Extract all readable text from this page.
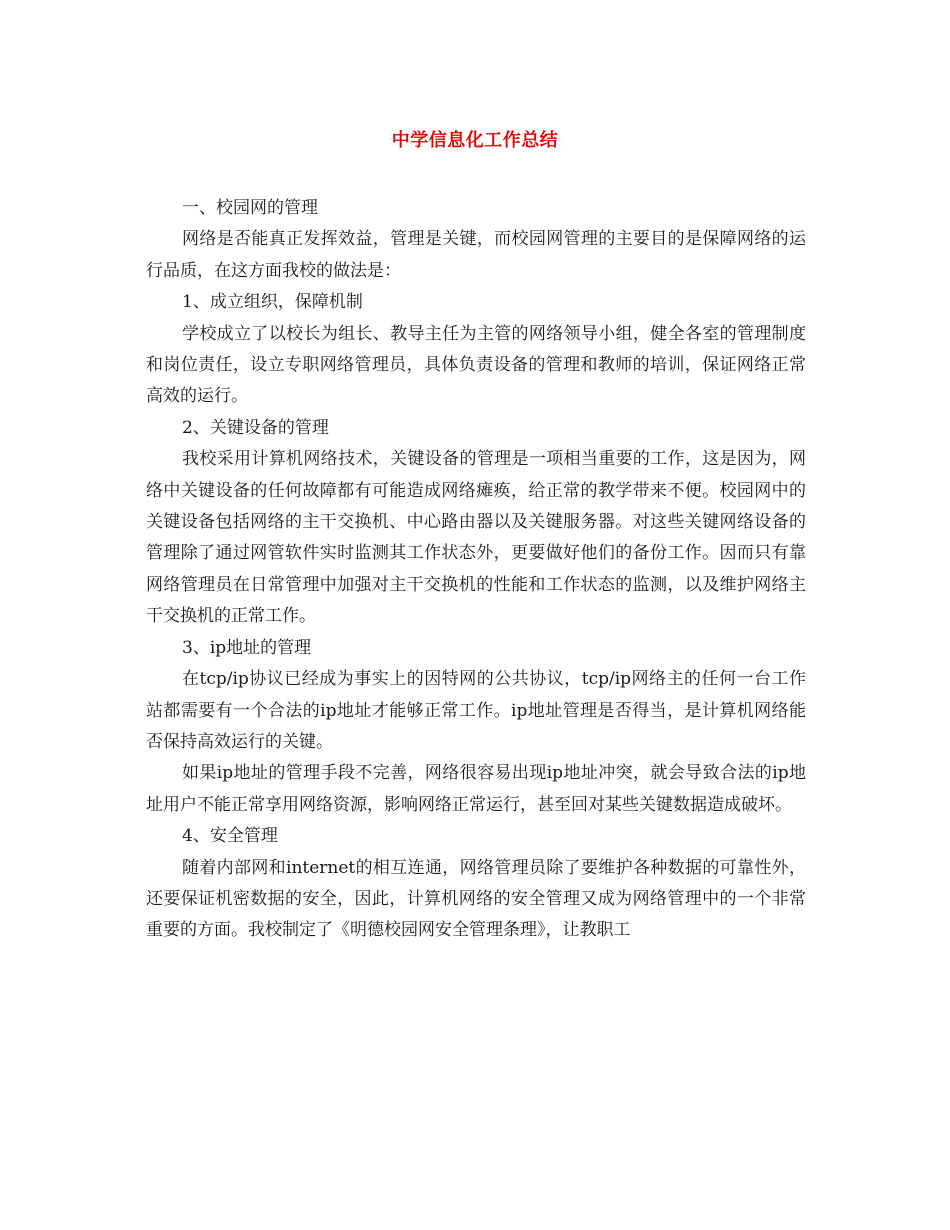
中学信息化工作总结

一、校园网的管理

网络是否能真正发挥效益，管理是关键，而校园网管理的主要目的是保障网络的运行品质，在这方面我校的做法是：

1、成立组织，保障机制

学校成立了以校长为组长、教导主任为主管的网络领导小组，健全各室的管理制度和岗位责任，设立专职网络管理员，具体负责设备的管理和教师的培训，保证网络正常高效的运行。

2、关键设备的管理

我校采用计算机网络技术，关键设备的管理是一项相当重要的工作，这是因为，网络中关键设备的任何故障都有可能造成网络瘫痪，给正常的教学带来不便。校园网中的关键设备包括网络的主干交换机、中心路由器以及关键服务器。对这些关键网络设备的管理除了通过网管软件实时监测其工作状态外，更要做好他们的备份工作。因而只有靠网络管理员在日常管理中加强对主干交换机的性能和工作状态的监测，以及维护网络主干交换机的正常工作。

3、ip地址的管理

在tcp/ip协议已经成为事实上的因特网的公共协议，tcp/ip网络主的任何一台工作站都需要有一个合法的ip地址才能够正常工作。ip地址管理是否得当，是计算机网络能否保持高效运行的关键。

如果ip地址的管理手段不完善，网络很容易出现ip地址冲突，就会导致合法的ip地址用户不能正常享用网络资源，影响网络正常运行，甚至回对某些关键数据造成破坏。

4、安全管理

随着内部网和internet的相互连通，网络管理员除了要维护各种数据的可靠性外，还要保证机密数据的安全，因此，计算机网络的安全管理又成为网络管理中的一个非常重要的方面。我校制定了《明德校园网安全管理条理》，让教职工
